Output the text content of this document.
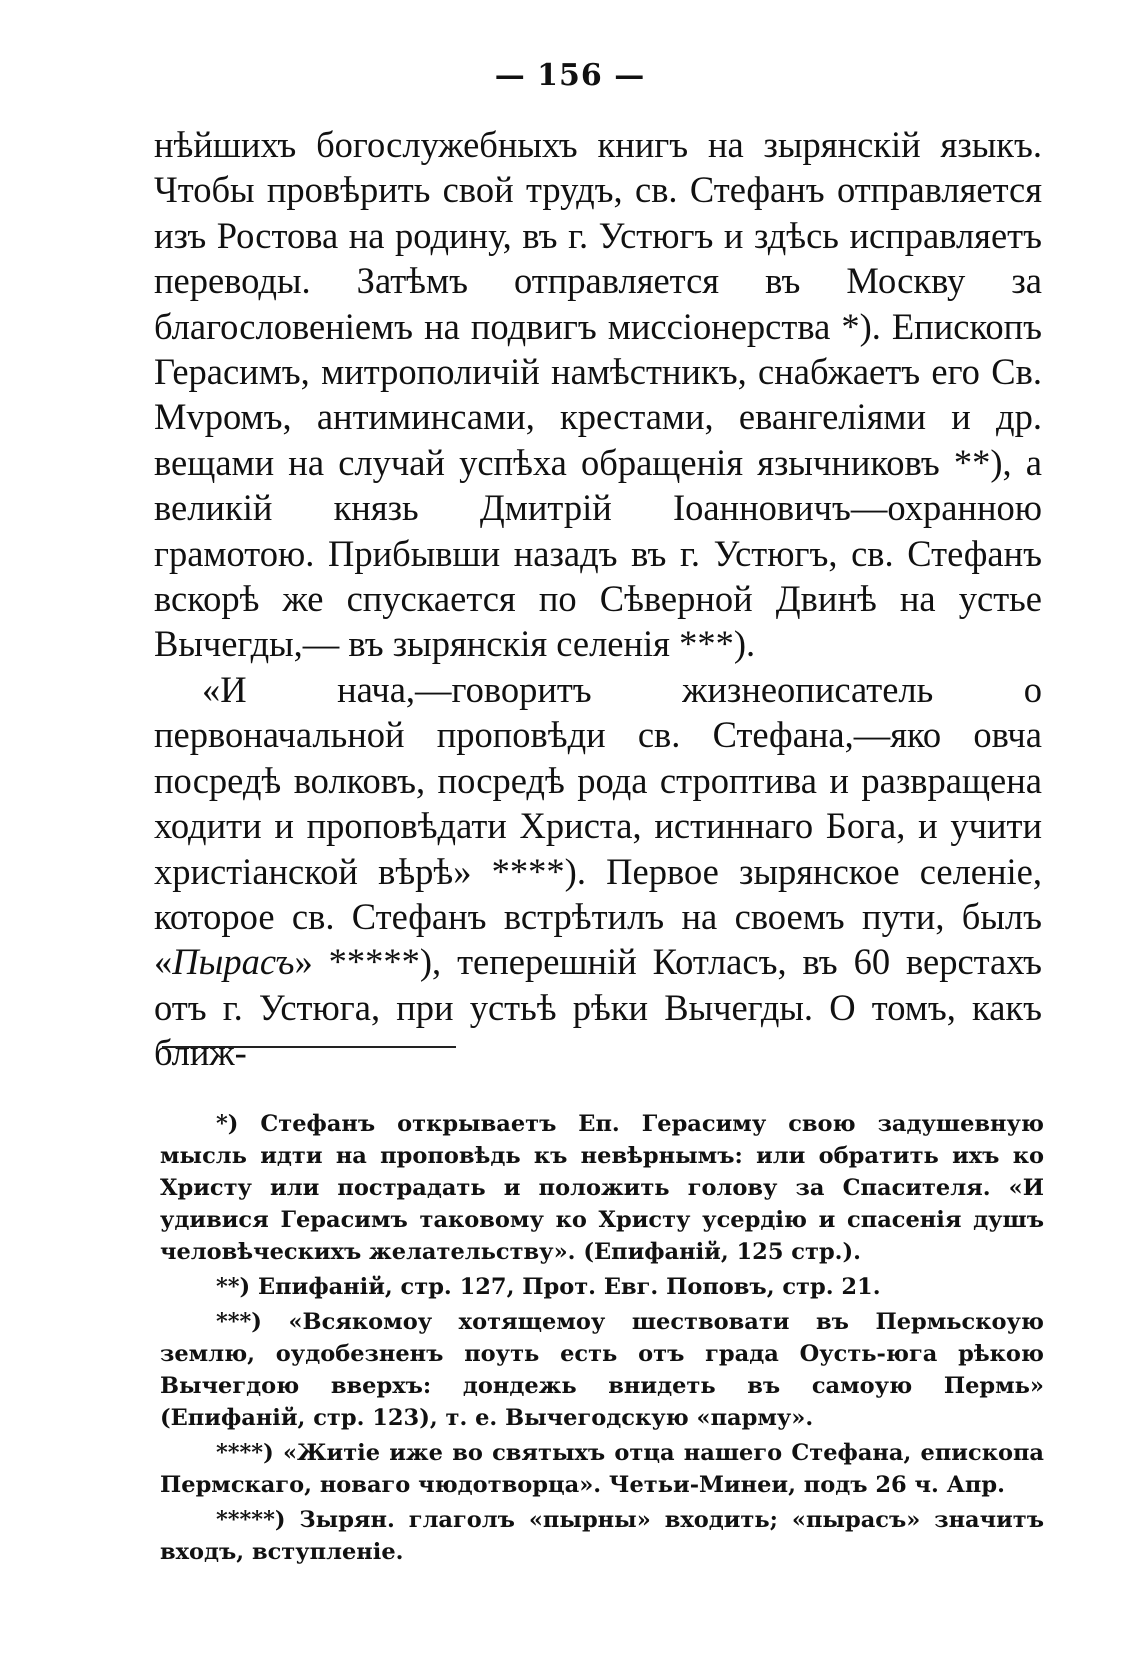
— 156 —

нѣйшихъ богослужебныхъ книгъ на зырянскій языкъ. Чтобы провѣрить свой трудъ, св. Стефанъ отправляется изъ Ростова на родину, въ г. Устюгъ и здѣсь исправляетъ переводы. Затѣмъ отправляется въ Москву за благословеніемъ на подвигъ миссіонерства *). Епископъ Герасимъ, митрополичій намѣстникъ, снабжаетъ его Св. Мvромъ, антиминсами, крестами, евангеліями и др. вещами на случай успѣха обращенія язычниковъ **), а великій князь Дмитрій Іоанновичъ—охранною грамотою. Прибывши назадъ въ г. Устюгъ, св. Стефанъ вскорѣ же спускается по Сѣверной Двинѣ на устье Вычегды,— въ зырянскія селенія ***).

«И нача,—говоритъ жизнеописатель о первоначальной проповѣди св. Стефана,—яко овча посредѣ волковъ, посредѣ рода строптива и развращена ходити и проповѣдати Христа, истиннаго Бога, и учити христіанской вѣрѣ» ****). Первое зырянское селеніе, которое св. Стефанъ встрѣтилъ на своемъ пути, былъ «Пырасъ» *****), теперешній Котласъ, въ 60 верстахъ отъ г. Устюга, при устьѣ рѣки Вычегды. О томъ, какъ ближ-

*) Стефанъ открываетъ Еп. Герасиму свою задушевную мысль идти на проповѣдь къ невѣрнымъ: или обратить ихъ ко Христу или пострадать и положить голову за Спасителя. «И удивися Герасимъ таковому ко Христу усердію и спасенія душъ человѣческихъ желательству». (Епифаній, 125 стр.).

**) Епифаній, стр. 127, Прот. Евг. Поповъ, стр. 21.

***) «Всякомоу хотящемоу шествовати въ Пермьскоую землю, оудобезненъ поуть есть отъ града Оусть-юга рѣкою Вычегдою вверхъ: дондежь внидеть въ самоую Пермь» (Епифаній, стр. 123), т. е. Вычегодскую «парму».

****) «Житіе иже во святыхъ отца нашего Стефана, епископа Пермскаго, новаго чюдотворца». Четьи-Минеи, подъ 26 ч. Апр.

*****) Зырян. глаголъ «пырны» входить; «пырасъ» значитъ входъ, вступленіе.
